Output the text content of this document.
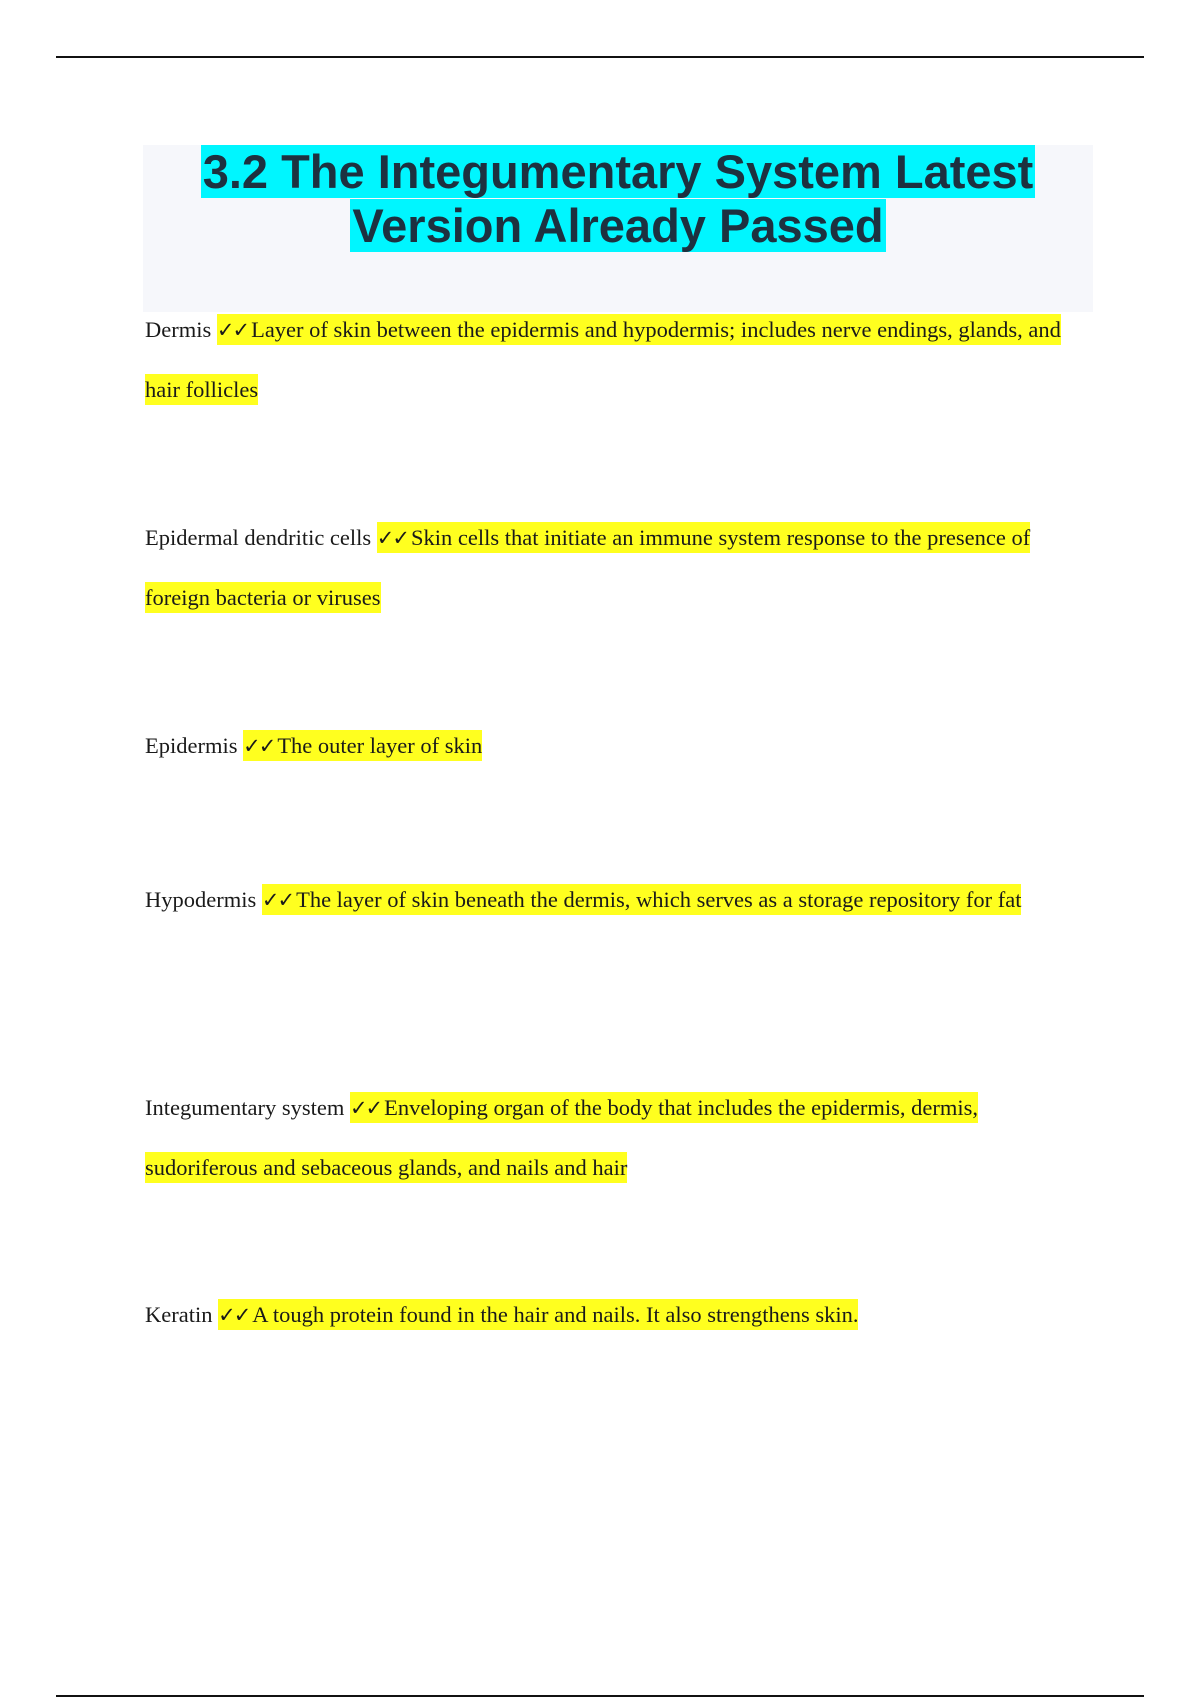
3.2 The Integumentary System Latest
Version Already Passed

Dermis ✓✓ Layer of skin between the epidermis and hypodermis; includes nerve endings, glands, and hair follicles

Epidermal dendritic cells ✓✓ Skin cells that initiate an immune system response to the presence of foreign bacteria or viruses

Epidermis ✓✓ The outer layer of skin

Hypodermis ✓✓ The layer of skin beneath the dermis, which serves as a storage repository for fat

Integumentary system ✓✓ Enveloping organ of the body that includes the epidermis, dermis, sudoriferous and sebaceous glands, and nails and hair

Keratin ✓✓ A tough protein found in the hair and nails. It also strengthens skin.
